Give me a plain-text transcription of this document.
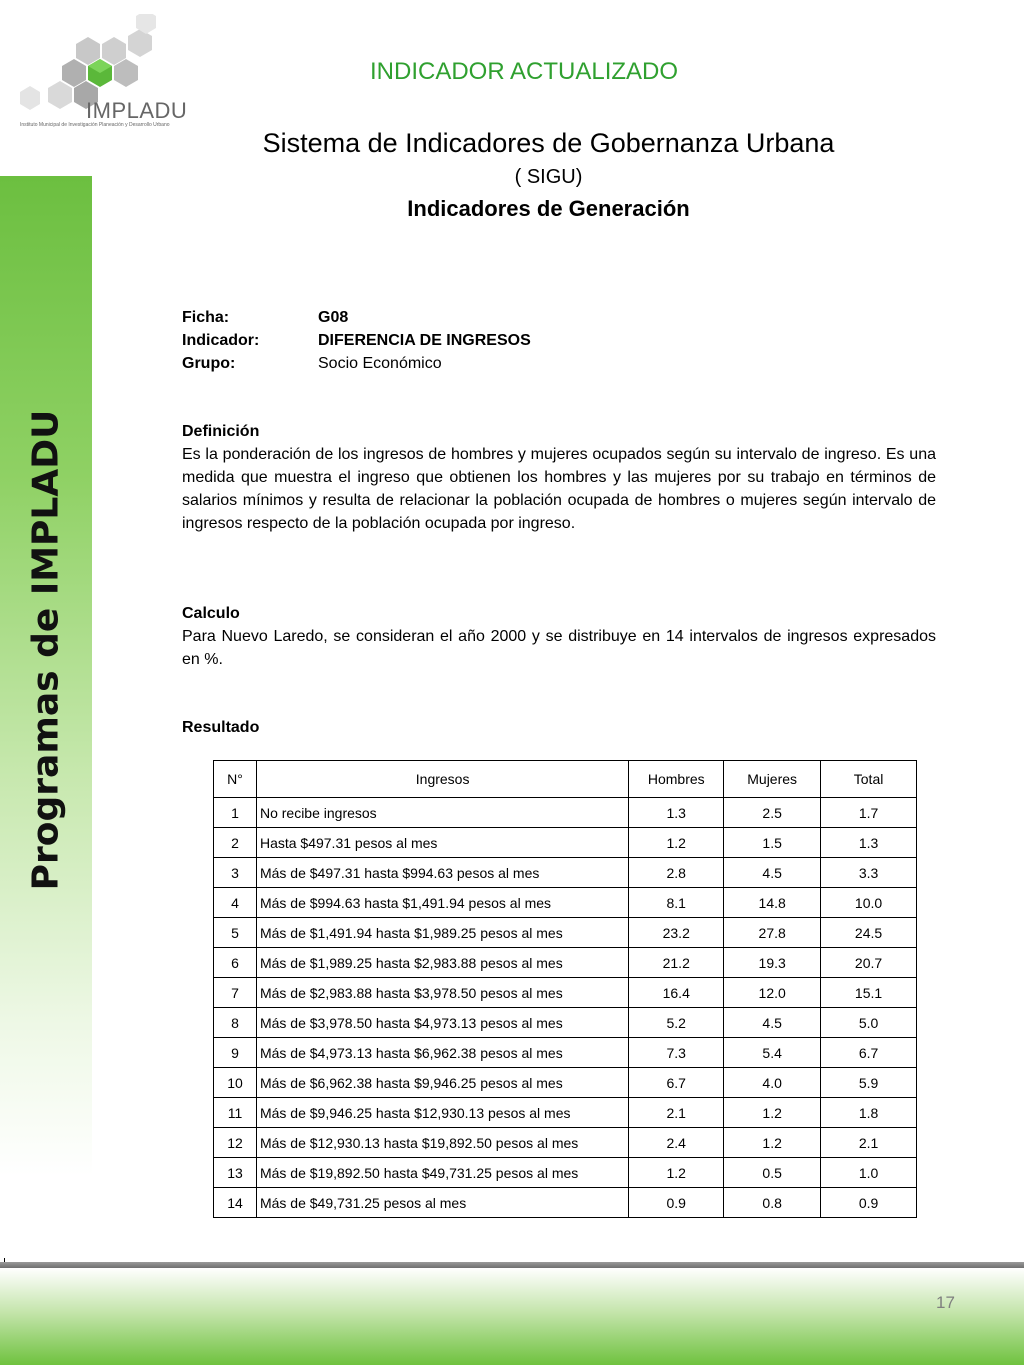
Programas de IMPLADU
IMPLADU
Instituto Municipal de Investigación Planeación y Desarrollo Urbano
INDICADOR ACTUALIZADO
Sistema de Indicadores de Gobernanza Urbana
( SIGU)
Indicadores de Generación
Ficha:	G08
Indicador:	DIFERENCIA DE INGRESOS
Grupo:	Socio Económico
Definición

Es la ponderación de los ingresos de hombres y mujeres ocupados según su intervalo de ingreso. Es una medida que muestra el ingreso que obtienen los hombres y las mujeres por su trabajo en términos de salarios mínimos y resulta de relacionar la población ocupada de hombres o mujeres según intervalo de ingresos respecto de la población ocupada por ingreso.

Calculo

Para Nuevo Laredo, se consideran el año 2000 y se distribuye en 14 intervalos de ingresos expresados en %.

Resultado
N°	Ingresos	Hombres	Mujeres	Total
1	No recibe ingresos	1.3	2.5	1.7
2	Hasta $497.31 pesos al mes	1.2	1.5	1.3
3	Más de $497.31 hasta $994.63 pesos al mes	2.8	4.5	3.3
4	Más de $994.63 hasta $1,491.94 pesos al mes	8.1	14.8	10.0
5	Más de $1,491.94 hasta $1,989.25 pesos al mes	23.2	27.8	24.5
6	Más de $1,989.25 hasta $2,983.88 pesos al mes	21.2	19.3	20.7
7	Más de $2,983.88 hasta $3,978.50 pesos al mes	16.4	12.0	15.1
8	Más de $3,978.50 hasta $4,973.13 pesos al mes	5.2	4.5	5.0
9	Más de $4,973.13 hasta $6,962.38 pesos al mes	7.3	5.4	6.7
10	Más de $6,962.38 hasta $9,946.25 pesos al mes	6.7	4.0	5.9
11	Más de $9,946.25 hasta $12,930.13 pesos al mes	2.1	1.2	1.8
12	Más de $12,930.13 hasta $19,892.50 pesos al mes	2.4	1.2	2.1
13	Más de $19,892.50 hasta $49,731.25 pesos al mes	1.2	0.5	1.0
14	Más de $49,731.25 pesos al mes	0.9	0.8	0.9
17
